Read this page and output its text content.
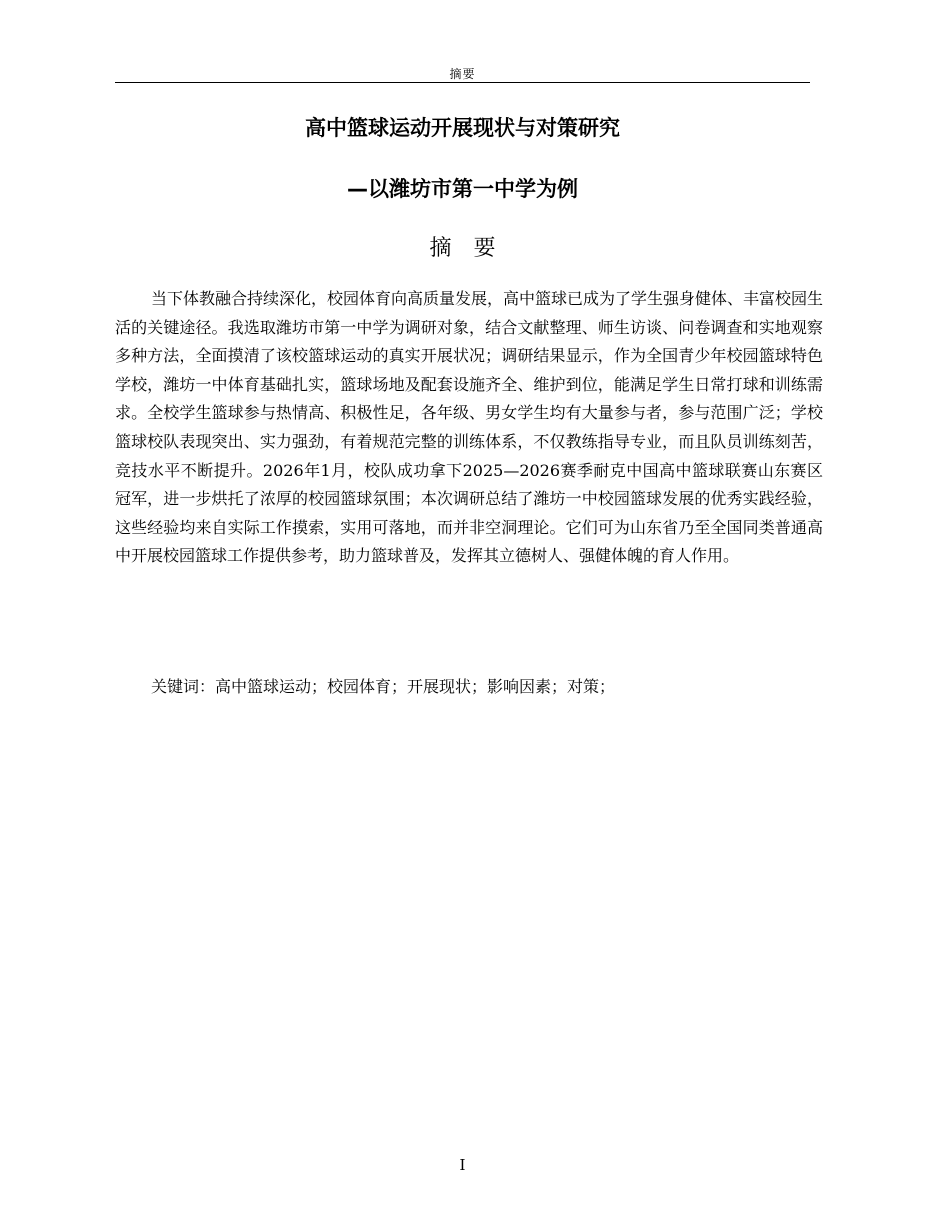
摘要
高中篮球运动开展现状与对策研究
—以潍坊市第一中学为例
摘要

当下体教融合持续深化，校园体育向高质量发展，高中篮球已成为了学生强身健体、丰富校园生活的关键途径。我选取潍坊市第一中学为调研对象，结合文献整理、师生访谈、问卷调查和实地观察多种方法，全面摸清了该校篮球运动的真实开展状况；调研结果显示，作为全国青少年校园篮球特色学校，潍坊一中体育基础扎实，篮球场地及配套设施齐全、维护到位，能满足学生日常打球和训练需求。全校学生篮球参与热情高、积极性足，各年级、男女学生均有大量参与者，参与范围广泛；学校篮球校队表现突出、实力强劲，有着规范完整的训练体系，不仅教练指导专业，而且队员训练刻苦，竞技水平不断提升。2026年1月，校队成功拿下2025—2026赛季耐克中国高中篮球联赛山东赛区冠军，进一步烘托了浓厚的校园篮球氛围；本次调研总结了潍坊一中校园篮球发展的优秀实践经验，这些经验均来自实际工作摸索，实用可落地，而并非空洞理论。它们可为山东省乃至全国同类普通高中开展校园篮球工作提供参考，助力篮球普及，发挥其立德树人、强健体魄的育人作用。

关键词：高中篮球运动；校园体育；开展现状；影响因素；对策；
I
